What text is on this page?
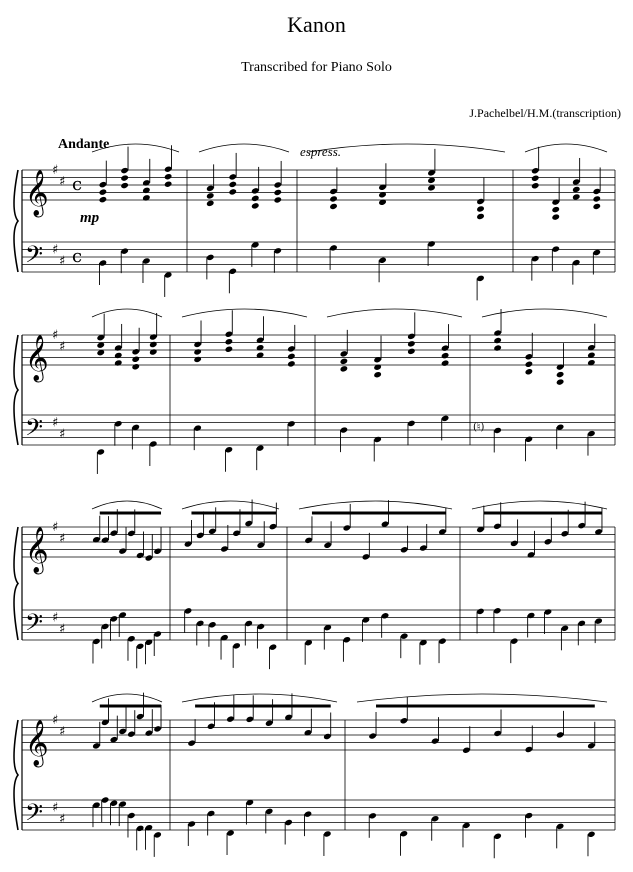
Kanon
Transcribed for Piano Solo
J.Pachelbel/H.M.(transcription)
Andante	espress.
mp
𝄞
𝄢
♯
♯
♯
♯
c
c
𝄞
𝄢
♯
♯
♯
♯
𝄞
𝄢
♯
♯
♯
♯
𝄞
𝄢
♯
♯
♯
♯
(♮)
